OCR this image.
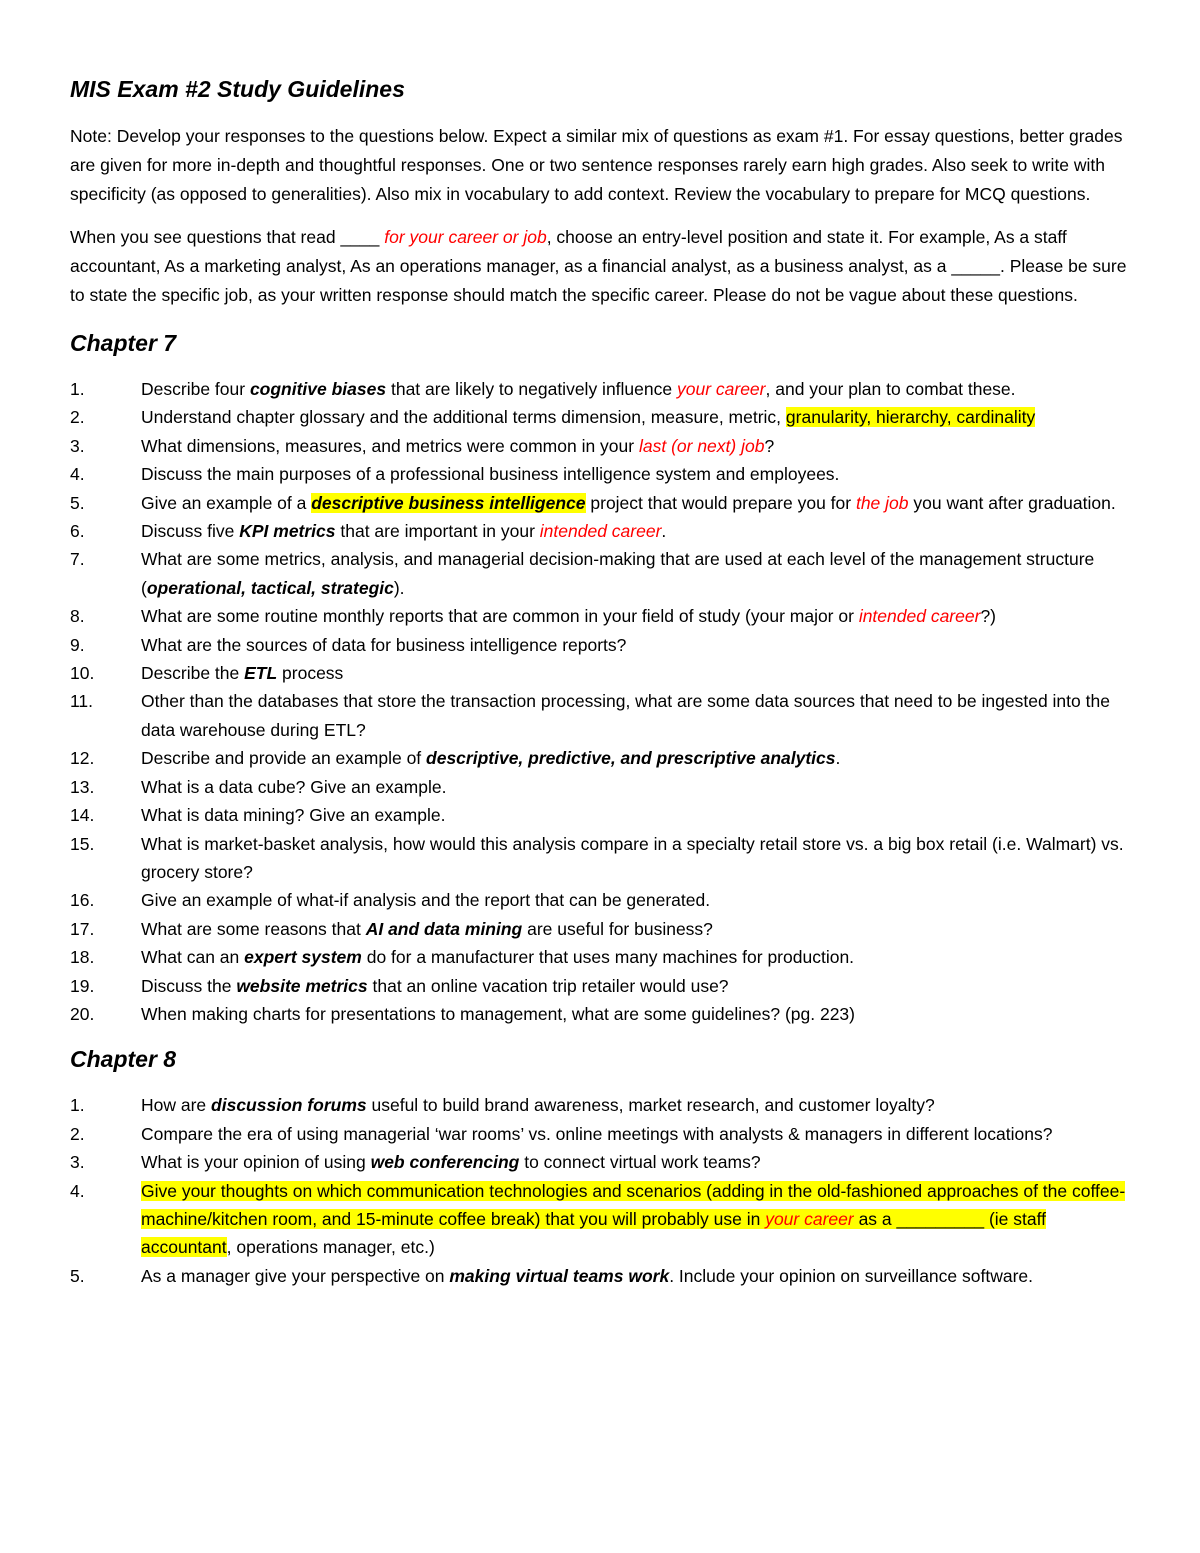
MIS Exam #2 Study Guidelines

Note: Develop your responses to the questions below. Expect a similar mix of questions as exam #1. For essay questions, better grades are given for more in-depth and thoughtful responses. One or two sentence responses rarely earn high grades. Also seek to write with specificity (as opposed to generalities). Also mix in vocabulary to add context. Review the vocabulary to prepare for MCQ questions.

When you see questions that read ____ for your career or job, choose an entry-level position and state it. For example, As a staff accountant, As a marketing analyst, As an operations manager, as a financial analyst, as a business analyst, as a _____. Please be sure to state the specific job, as your written response should match the specific career. Please do not be vague about these questions.

Chapter 7
1.	Describe four cognitive biases that are likely to negatively influence your career, and your plan to combat these.
2.	Understand chapter glossary and the additional terms dimension, measure, metric, granularity, hierarchy, cardinality
3.	What dimensions, measures, and metrics were common in your last (or next) job?
4.	Discuss the main purposes of a professional business intelligence system and employees.
5.	Give an example of a descriptive business intelligence project that would prepare you for the job you want after graduation.
6.	Discuss five KPI metrics that are important in your intended career.
7.	What are some metrics, analysis, and managerial decision-making that are used at each level of the management structure (operational, tactical, strategic).
8.	What are some routine monthly reports that are common in your field of study (your major or intended career?)
9.	What are the sources of data for business intelligence reports?
10.	Describe the ETL process
11.	Other than the databases that store the transaction processing, what are some data sources that need to be ingested into the data warehouse during ETL?
12.	Describe and provide an example of descriptive, predictive, and prescriptive analytics.
13.	What is a data cube? Give an example.
14.	What is data mining? Give an example.
15.	What is market-basket analysis, how would this analysis compare in a specialty retail store vs. a big box retail (i.e. Walmart) vs. grocery store?
16.	Give an example of what-if analysis and the report that can be generated.
17.	What are some reasons that AI and data mining are useful for business?
18.	What can an expert system do for a manufacturer that uses many machines for production.
19.	Discuss the website metrics that an online vacation trip retailer would use?
20.	When making charts for presentations to management, what are some guidelines? (pg. 223)
Chapter 8
1.	How are discussion forums useful to build brand awareness, market research, and customer loyalty?
2.	Compare the era of using managerial ‘war rooms’ vs. online meetings with analysts & managers in different locations?
3.	What is your opinion of using web conferencing to connect virtual work teams?
4.	Give your thoughts on which communication technologies and scenarios (adding in the old-fashioned approaches of the coffee-machine/kitchen room, and 15-minute coffee break) that you will probably use in your career as a _________ (ie staff accountant, operations manager, etc.)
5.	As a manager give your perspective on making virtual teams work. Include your opinion on surveillance software.
